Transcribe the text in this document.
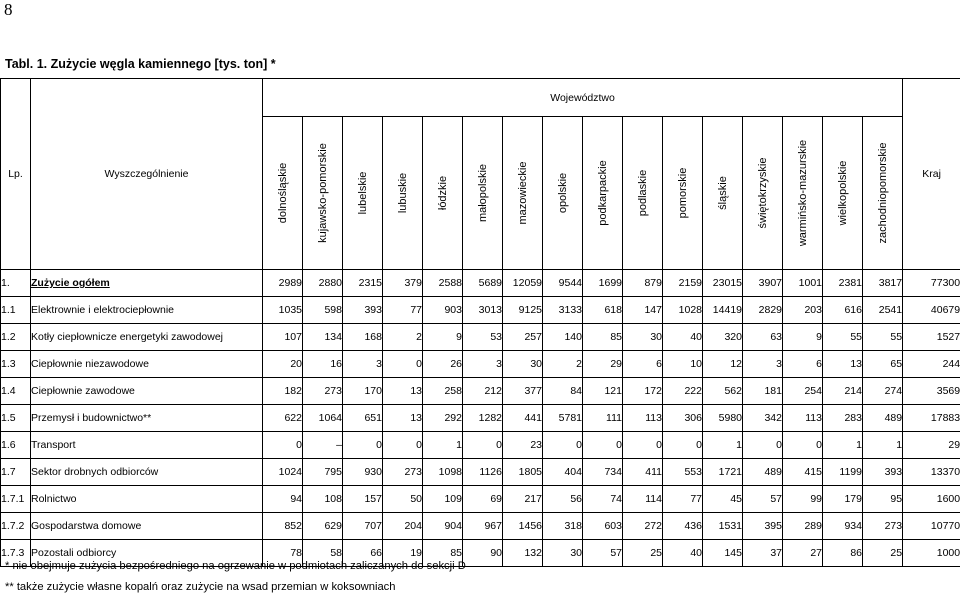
8
Tabl. 1. Zużycie węgla kamiennego [tys. ton] *
Lp.	Wyszczególnienie	Województwo																Kraj

		dolnośląskie	kujawsko-pomorskie	lubelskie	lubuskie	łódzkie	małopolskie	mazowieckie	opolskie	podkarpackie	podlaskie	pomorskie	śląskie	świętokrzyskie	warmińsko-mazurskie	wielkopolskie	zachodniopomorskie	

1.	Zużycie ogółem	2989	2880	2315	379	2588	5689	12059	9544	1699	879	2159	23015	3907	1001	2381	3817	77300
1.1	Elektrownie i elektrociepłownie	1035	598	393	77	903	3013	9125	3133	618	147	1028	14419	2829	203	616	2541	40679
1.2	Kotły ciepłownicze energetyki zawodowej	107	134	168	2	9	53	257	140	85	30	40	320	63	9	55	55	1527
1.3	Ciepłownie niezawodowe	20	16	3	0	26	3	30	2	29	6	10	12	3	6	13	65	244
1.4	Ciepłownie zawodowe	182	273	170	13	258	212	377	84	121	172	222	562	181	254	214	274	3569
1.5	Przemysł i budownictwo**	622	1064	651	13	292	1282	441	5781	111	113	306	5980	342	113	283	489	17883
1.6	Transport	0	–	0	0	1	0	23	0	0	0	0	1	0	0	1	1	29
1.7	Sektor drobnych odbiorców	1024	795	930	273	1098	1126	1805	404	734	411	553	1721	489	415	1199	393	13370
1.7.1	Rolnictwo	94	108	157	50	109	69	217	56	74	114	77	45	57	99	179	95	1600
1.7.2	Gospodarstwa domowe	852	629	707	204	904	967	1456	318	603	272	436	1531	395	289	934	273	10770
1.7.3	Pozostali odbiorcy	78	58	66	19	85	90	132	30	57	25	40	145	37	27	86	25	1000
* nie obejmuje zużycia bezpośredniego na ogrzewanie w podmiotach zaliczanych do sekcji D
** także zużycie własne kopalń oraz zużycie na wsad przemian w koksowniach
